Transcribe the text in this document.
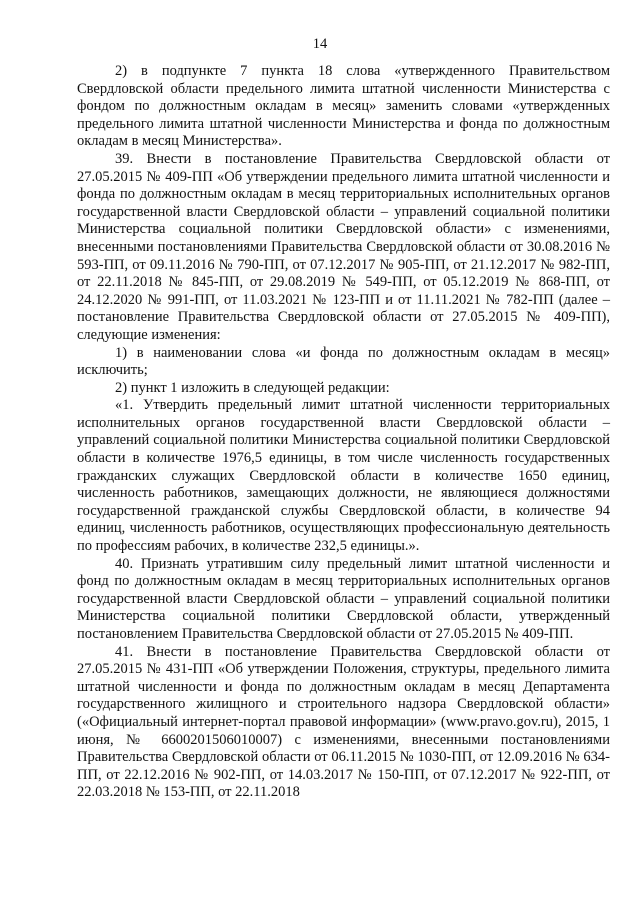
14

2) в подпункте 7 пункта 18 слова «утвержденного Правительством Свердловской области предельного лимита штатной численности Министерства с фондом по должностным окладам в месяц» заменить словами «утвержденных предельного лимита штатной численности Министерства и фонда по должностным окладам в месяц Министерства».

39. Внести в постановление Правительства Свердловской области от 27.05.2015 № 409-ПП «Об утверждении предельного лимита штатной численности и фонда по должностным окладам в месяц территориальных исполнительных органов государственной власти Свердловской области – управлений социальной политики Министерства социальной политики Свердловской области» с изменениями, внесенными постановлениями Правительства Свердловской области от 30.08.2016 № 593-ПП, от 09.11.2016 № 790-ПП, от 07.12.2017 № 905-ПП, от 21.12.2017 № 982-ПП, от 22.11.2018 № 845-ПП, от 29.08.2019 № 549-ПП, от 05.12.2019 № 868-ПП, от 24.12.2020 № 991-ПП, от 11.03.2021 № 123-ПП и от 11.11.2021 № 782-ПП (далее – постановление Правительства Свердловской области от 27.05.2015 № 409-ПП), следующие изменения:

1) в наименовании слова «и фонда по должностным окладам в месяц» исключить;

2) пункт 1 изложить в следующей редакции:

«1. Утвердить предельный лимит штатной численности территориальных исполнительных органов государственной власти Свердловской области – управлений социальной политики Министерства социальной политики Свердловской области в количестве 1976,5 единицы, в том числе численность государственных гражданских служащих Свердловской области в количестве 1650 единиц, численность работников, замещающих должности, не являющиеся должностями государственной гражданской службы Свердловской области, в количестве 94 единиц, численность работников, осуществляющих профессиональную деятельность по профессиям рабочих, в количестве 232,5 единицы.».

40. Признать утратившим силу предельный лимит штатной численности и фонд по должностным окладам в месяц территориальных исполнительных органов государственной власти Свердловской области – управлений социальной политики Министерства социальной политики Свердловской области, утвержденный постановлением Правительства Свердловской области от 27.05.2015 № 409-ПП.

41. Внести в постановление Правительства Свердловской области от 27.05.2015 № 431-ПП «Об утверждении Положения, структуры, предельного лимита штатной численности и фонда по должностным окладам в месяц Департамента государственного жилищного и строительного надзора Свердловской области» («Официальный интернет-портал правовой информации» (www.pravo.gov.ru), 2015, 1 июня, № 6600201506010007) с изменениями, внесенными постановлениями Правительства Свердловской области от 06.11.2015 № 1030-ПП, от 12.09.2016 № 634-ПП, от 22.12.2016 № 902-ПП, от 14.03.2017 № 150-ПП, от 07.12.2017 № 922-ПП, от 22.03.2018 № 153-ПП, от 22.11.2018
